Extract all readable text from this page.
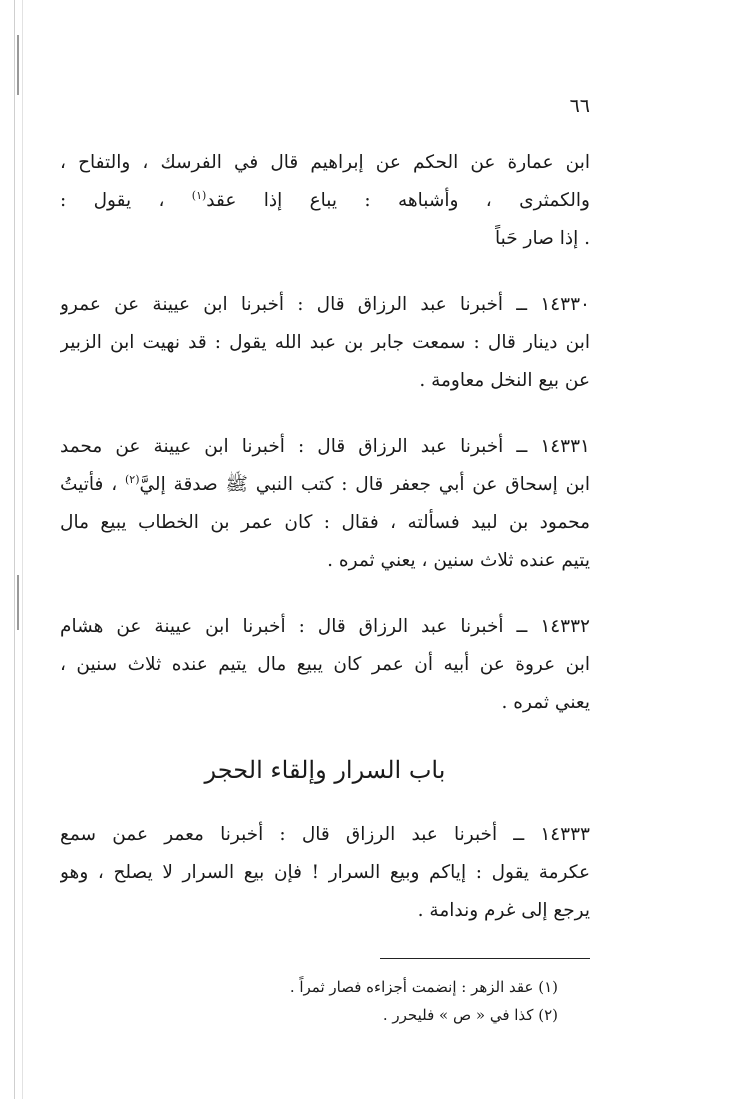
٦٦
ابن عمارة عن الحكم عن إبراهيم قال في الفرسك ، والتفاح ،
والكمثرى ، وأشباهه : يباع إذا عقد$^{(١)}$ ، يقول :
. إذا صار حَباً
١٤٣٣٠ ــ أخبرنا عبد الرزاق قال : أخبرنا ابن عيينة عن عمرو
ابن دينار قال : سمعت جابر بن عبد الله يقول : قد نهيت ابن الزبير
عن بيع النخل معاومة .
١٤٣٣١ ــ أخبرنا عبد الرزاق قال : أخبرنا ابن عيينة عن محمد
ابن إسحاق عن أبي جعفر قال : كتب النبي ﷺ صدقة إليَّ$^{(٢)}$ ، فأتيتُ
محمود بن لبيد فسألته ، فقال : كان عمر بن الخطاب يبيع مال
يتيم عنده ثلاث سنين ، يعني ثمره .
١٤٣٣٢ ــ أخبرنا عبد الرزاق قال : أخبرنا ابن عيينة عن هشام
ابن عروة عن أبيه أن عمر كان يبيع مال يتيم عنده ثلاث سنين ،
يعني ثمره .
باب السرار وإلقاء الحجر
١٤٣٣٣ ــ أخبرنا عبد الرزاق قال : أخبرنا معمر عمن سمع
عكرمة يقول : إياكم وبيع السرار ! فإن بيع السرار لا يصلح ، وهو
يرجع إلى غرم وندامة .
(١) عقد الزهر : إنضمت أجزاءه فصار ثمراً .
(٢) كذا في « ص » فليحرر .
